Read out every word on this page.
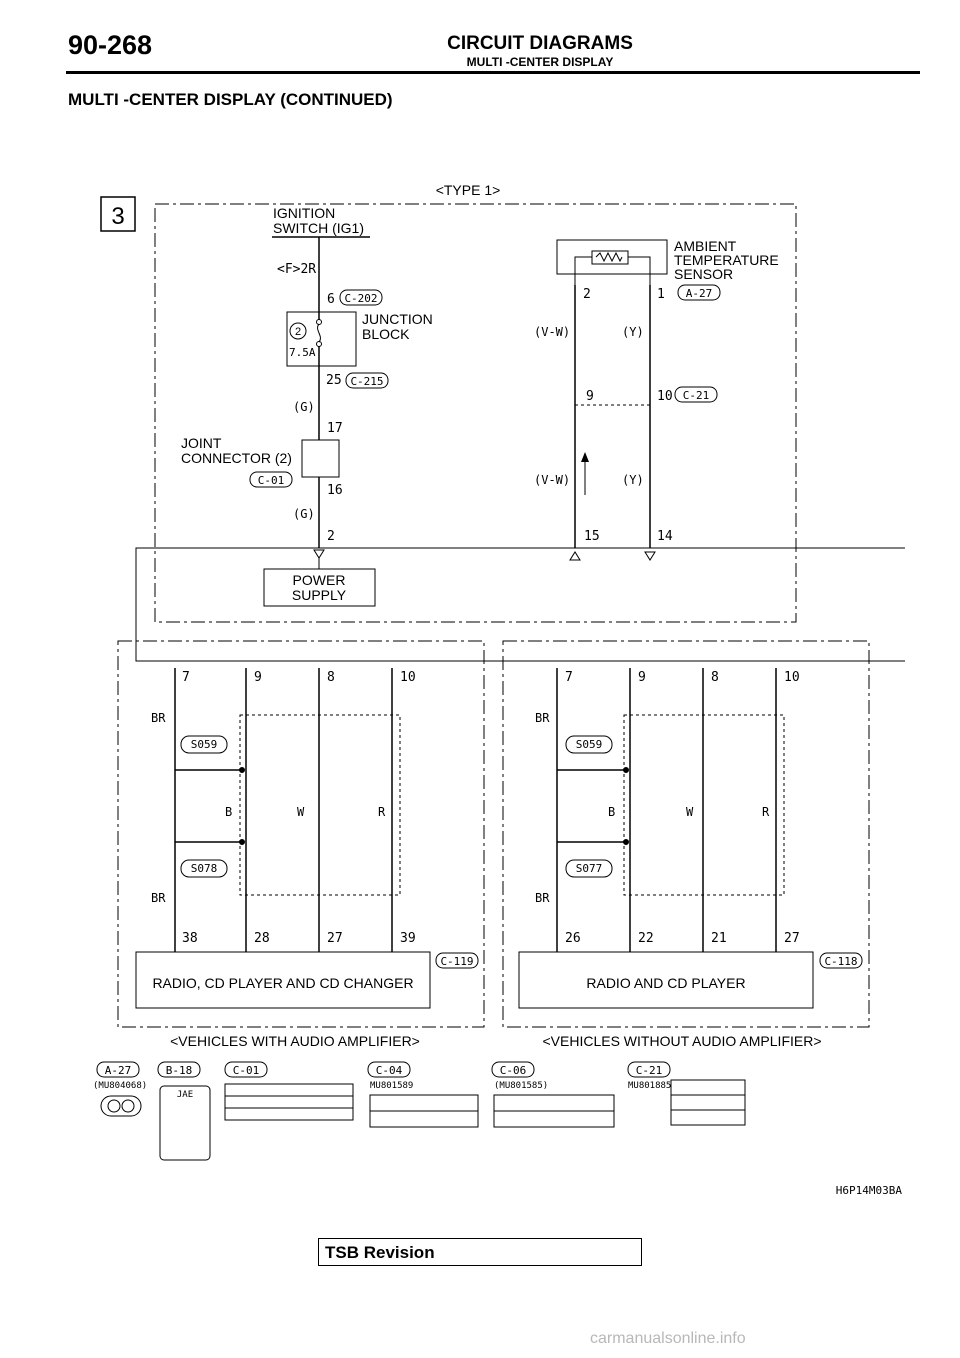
90-268	CIRCUIT DIAGRAMS
MULTI -CENTER DISPLAY
MULTI -CENTER DISPLAY (CONTINUED)
3
<TYPE 1>
IGNITION
SWITCH (IG1)
<F>2R
6 C-202
JUNCTION
BLOCK
2
7.5A
25 C-215
(G)
JOINT
CONNECTOR (2)
C-01
17
16
(G)
2
POWER
SUPPLY
AMBIENT
TEMPERATURE
SENSOR
2	1 A-27
(V-W)	(Y)
9	10 C-21
(V-W)	(Y)
15	14
7	9	8	10
BR
B	W	R
S059
S078
BR
38	28	27	39
RADIO, CD PLAYER AND CD CHANGER
C-119
<VEHICLES WITH AUDIO AMPLIFIER>
7	9	8	10
BR
B	W	R
S059
S077
BR
26	22	21	27
RADIO AND CD PLAYER
C-118
<VEHICLES WITHOUT AUDIO AMPLIFIER>
A-27
(MU804068)
B-18
JAE
C-01	C-04
MU801589
C-06
(MU801585)
C-21
MU801885
H6P14M03BA
TSB Revision
carmanualsonline.info
